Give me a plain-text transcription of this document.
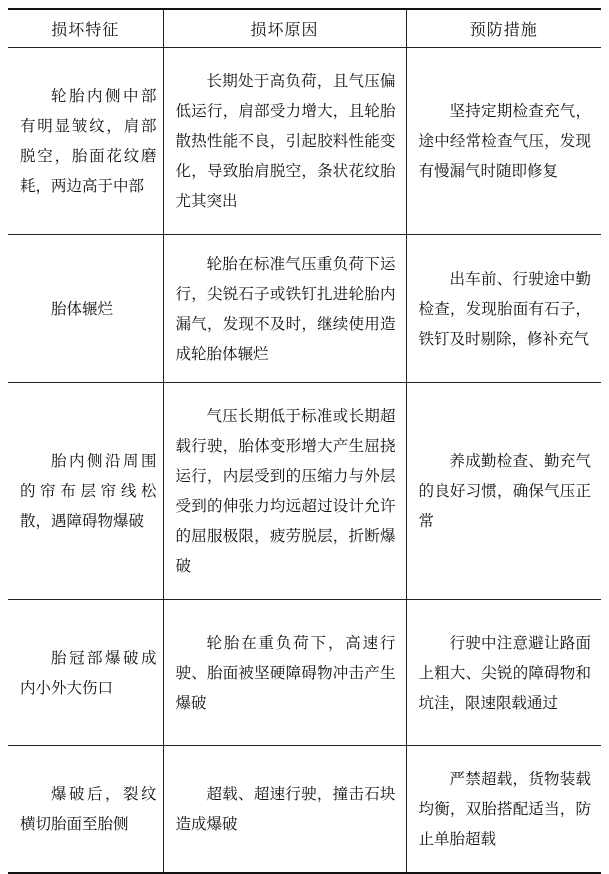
损坏特征	损坏原因	预防措施

轮胎内侧中部有明显皱纹，肩部脱空，胎面花纹磨耗，两边高于中部	长期处于高负荷，且气压偏低运行，肩部受力增大，且轮胎散热性能不良，引起胶料性能变化，导致胎肩脱空，条状花纹胎尤其突出	坚持定期检查充气，途中经常检查气压，发现有慢漏气时随即修复

胎体辗烂	轮胎在标准气压重负荷下运行，尖锐石子或铁钉扎进轮胎内漏气，发现不及时，继续使用造成轮胎体辗烂	出车前、行驶途中勤检查，发现胎面有石子，铁钉及时剔除，修补充气

胎内侧沿周围的帘布层帘线松散，遇障碍物爆破	气压长期低于标准或长期超载行驶，胎体变形增大产生屈挠运行，内层受到的压缩力与外层受到的伸张力均远超过设计允许的屈服极限，疲劳脱层，折断爆破	养成勤检查、勤充气的良好习惯，确保气压正常

胎冠部爆破成内小外大伤口	轮胎在重负荷下，高速行驶、胎面被坚硬障碍物冲击产生爆破	行驶中注意避让路面上粗大、尖锐的障碍物和坑洼，限速限载通过

爆破后，裂纹横切胎面至胎侧	超载、超速行驶，撞击石块造成爆破	严禁超载，货物装载均衡，双胎搭配适当，防止单胎超载
